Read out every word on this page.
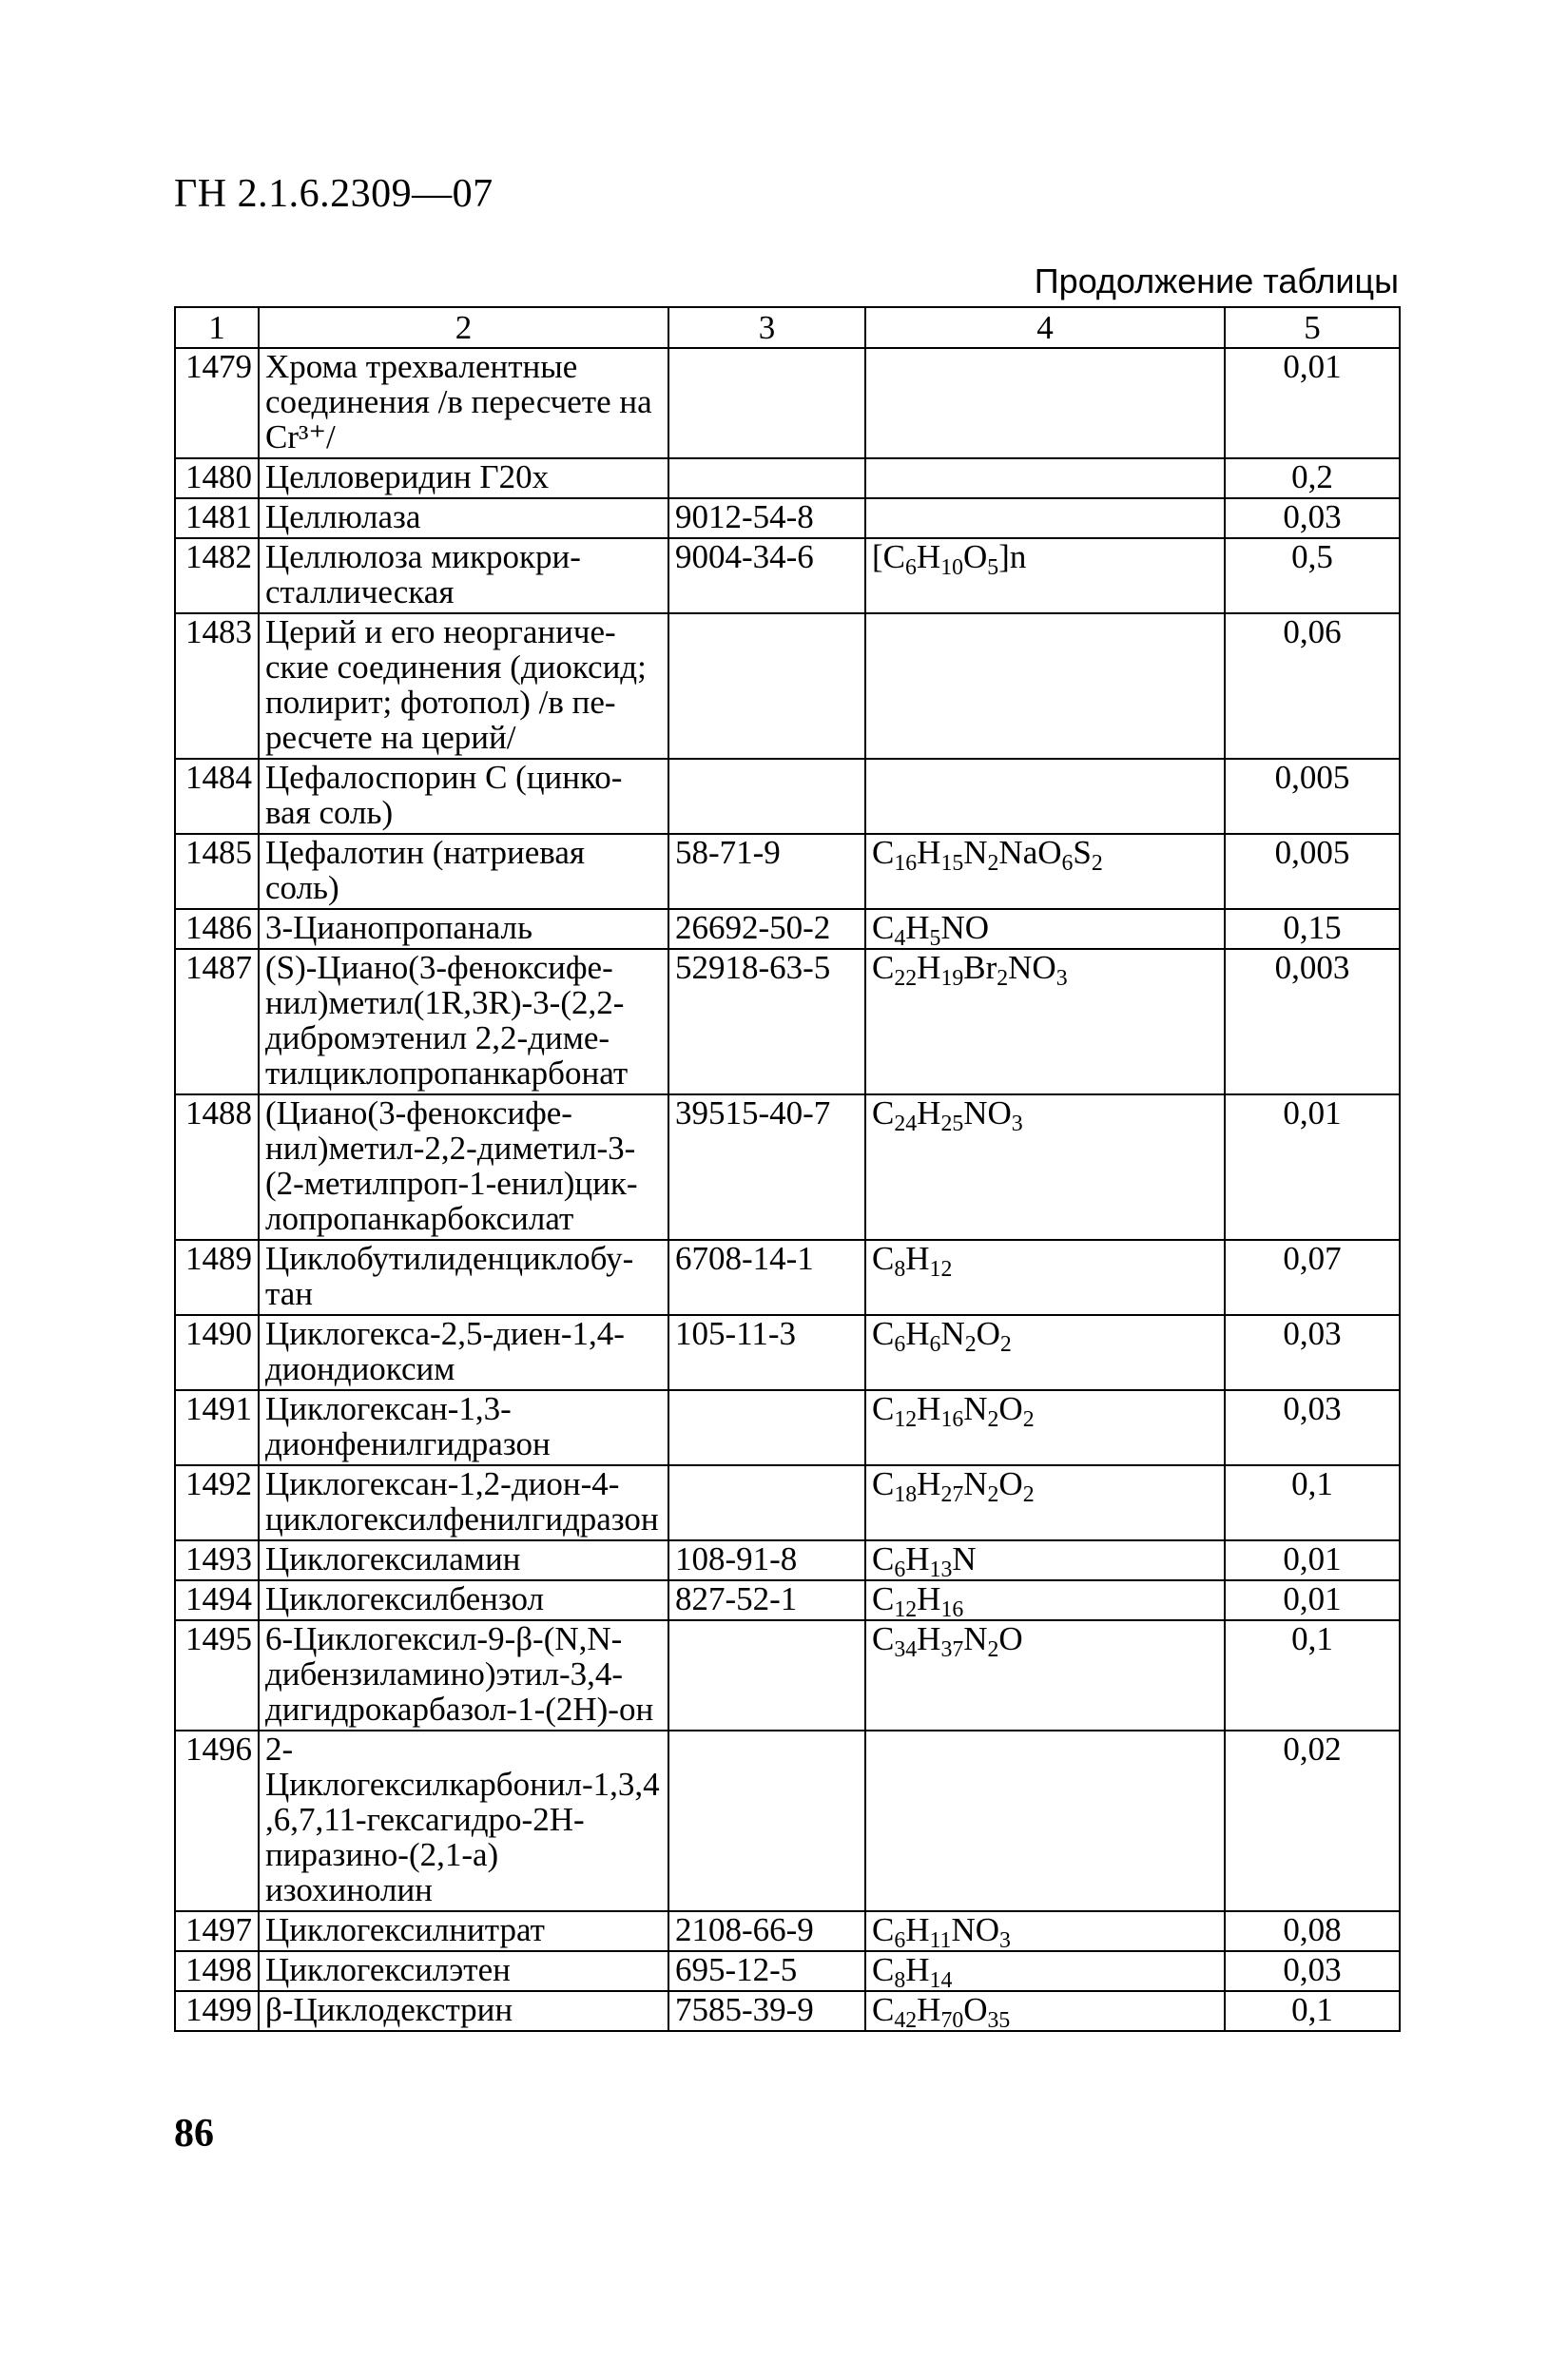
ГН 2.1.6.2309—07
Продолжение таблицы
1	2	3	4	5
1479	Хрома трехвалентные соединения /в пересчете на Cr³⁺/			0,01
1480	Целловеридин Г20х			0,2
1481	Целлюлаза	9012-54-8		0,03
1482	Целлюлоза микрокри-сталлическая	9004-34-6	$[C_6H_{10}O_5]n$	0,5
1483	Церий и его неорганиче-ские соединения (диоксид; полирит; фотопол) /в пе-ресчете на церий/			0,06
1484	Цефалоспорин С (цинко-вая соль)			0,005
1485	Цефалотин (натриевая соль)	58-71-9	$C_{16}H_{15}N_2NaO_6S_2$	0,005
1486	3-Цианопропаналь	26692-50-2	$C_4H_5NO$	0,15
1487	(S)-Циано(3-феноксифе-нил)метил(1R,3R)-3-(2,2-дибромэтенил 2,2-диме-тилциклопропанкарбонат	52918-63-5	$C_{22}H_{19}Br_2NO_3$	0,003
1488	(Циано(3-феноксифе-нил)метил-2,2-диметил-3-(2-метилпроп-1-енил)цик-лопропанкарбоксилат	39515-40-7	$C_{24}H_{25}NO_3$	0,01
1489	Циклобутилиденциклобу-тан	6708-14-1	$C_8H_{12}$	0,07
1490	Циклогекса-2,5-диен-1,4-диондиоксим	105-11-3	$C_6H_6N_2O_2$	0,03
1491	Циклогексан-1,3-дионфенилгидразон		$C_{12}H_{16}N_2O_2$	0,03
1492	Циклогексан-1,2-дион-4-циклогексилфенилгидразон		$C_{18}H_{27}N_2O_2$	0,1
1493	Циклогексиламин	108-91-8	$C_6H_{13}N$	0,01
1494	Циклогексилбензол	827-52-1	$C_{12}H_{16}$	0,01
1495	6-Циклогексил-9-β-(N,N-дибензиламино)этил-3,4-дигидрокарбазол-1-(2Н)-он		$C_{34}H_{37}N_2O$	0,1
1496	2-Циклогексилкарбонил-1,3,4,6,7,11-гексагидро-2Н-пиразино-(2,1-а) изохинолин			0,02
1497	Циклогексилнитрат	2108-66-9	$C_6H_{11}NO_3$	0,08
1498	Циклогексилэтен	695-12-5	$C_8H_{14}$	0,03
1499	β-Циклодекстрин	7585-39-9	$C_{42}H_{70}O_{35}$	0,1
86
